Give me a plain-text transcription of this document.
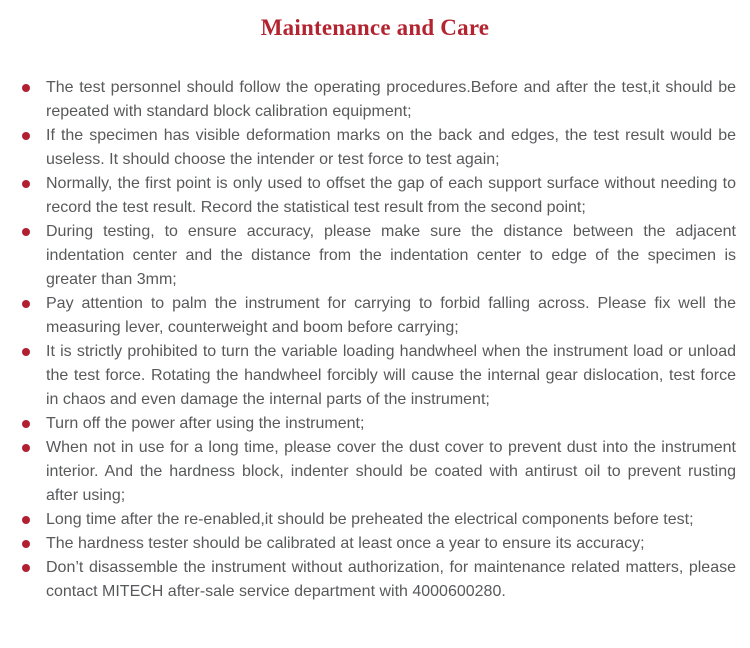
Maintenance and Care
The test personnel should follow the operating procedures.Before and after the test,it should be repeated with standard block calibration equipment;
If the specimen has visible deformation marks on the back and edges, the test result would be useless. It should choose the intender or test force to test again;
Normally, the first point is only used to offset the gap of each support surface without needing to record the test result. Record the statistical test result from the second point;
During testing, to ensure accuracy, please make sure the distance between the adjacent indentation center and the distance from the indentation center to edge of the specimen is greater than 3mm;
Pay attention to palm the instrument for carrying to forbid falling across. Please fix well the measuring lever, counterweight and boom before carrying;
It is strictly prohibited to turn the variable loading handwheel when the instrument load or unload the test force. Rotating the handwheel forcibly will cause the internal gear dislocation, test force in chaos and even damage the internal parts of the instrument;
Turn off the power after using the instrument;
When not in use for a long time, please cover the dust cover to prevent dust into the instrument interior. And the hardness block, indenter should be coated with antirust oil to prevent rusting after using;
Long time after the re-enabled,it should be preheated the electrical components before test;
The hardness tester should be calibrated at least once a year to ensure its accuracy;
Don’t disassemble the instrument without authorization, for maintenance related matters, please contact MITECH after-sale service department with 4000600280.
